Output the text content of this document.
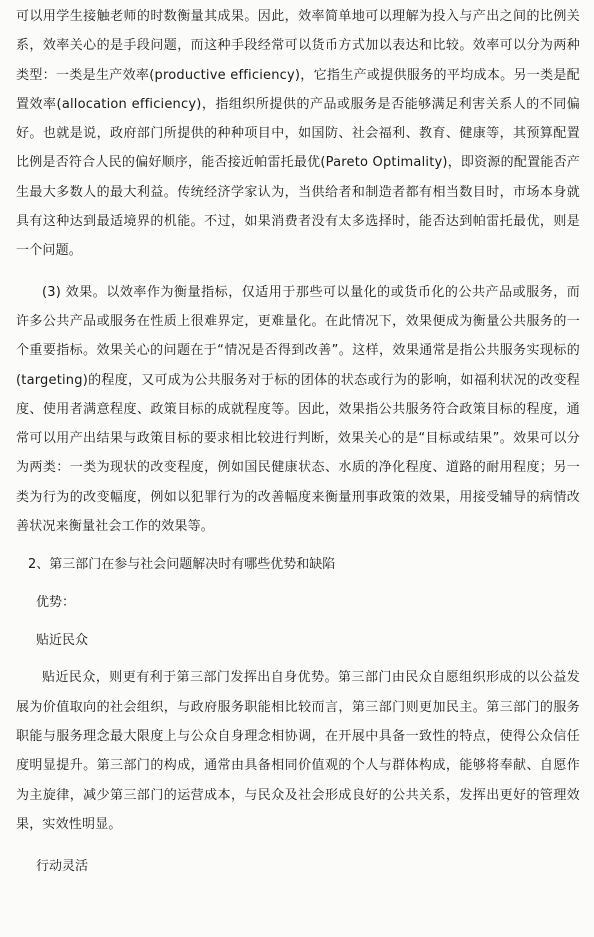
可以用学生接触老师的时数衡量其成果。因此，效率简单地可以理解为投入与产出之间的比例关系，效率关心的是手段问题，而这种手段经常可以货币方式加以表达和比较。效率可以分为两种类型：一类是生产效率(productive efficiency)，它指生产或提供服务的平均成本。另一类是配置效率(allocation efficiency)，指组织所提供的产品或服务是否能够满足利害关系人的不同偏好。也就是说，政府部门所提供的种种项目中，如国防、社会福利、教育、健康等，其预算配置比例是否符合人民的偏好顺序，能否接近帕雷托最优(Pareto Optimality)，即资源的配置能否产生最大多数人的最大利益。传统经济学家认为，当供给者和制造者都有相当数目时，市场本身就具有这种达到最适境界的机能。不过，如果消费者没有太多选择时，能否达到帕雷托最优，则是一个问题。

(3) 效果。以效率作为衡量指标，仅适用于那些可以量化的或货币化的公共产品或服务，而许多公共产品或服务在性质上很难界定，更难量化。在此情况下，效果便成为衡量公共服务的一个重要指标。效果关心的问题在于“情况是否得到改善”。这样，效果通常是指公共服务实现标的(targeting)的程度，又可成为公共服务对于标的团体的状态或行为的影响，如福利状况的改变程度、使用者满意程度、政策目标的成就程度等。因此，效果指公共服务符合政策目标的程度，通常可以用产出结果与政策目标的要求相比较进行判断，效果关心的是“目标或结果”。效果可以分为两类：一类为现状的改变程度，例如国民健康状态、水质的净化程度、道路的耐用程度；另一类为行为的改变幅度，例如以犯罪行为的改善幅度来衡量刑事政策的效果，用接受辅导的病情改善状况来衡量社会工作的效果等。

2、第三部门在参与社会问题解决时有哪些优势和缺陷

优势：

贴近民众

贴近民众，则更有利于第三部门发挥出自身优势。第三部门由民众自愿组织形成的以公益发展为价值取向的社会组织，与政府服务职能相比较而言，第三部门则更加民主。第三部门的服务职能与服务理念最大限度上与公众自身理念相协调，在开展中具备一致性的特点，使得公众信任度明显提升。第三部门的构成，通常由具备相同价值观的个人与群体构成，能够将奉献、自愿作为主旋律，减少第三部门的运营成本，与民众及社会形成良好的公共关系，发挥出更好的管理效果，实效性明显。

行动灵活
